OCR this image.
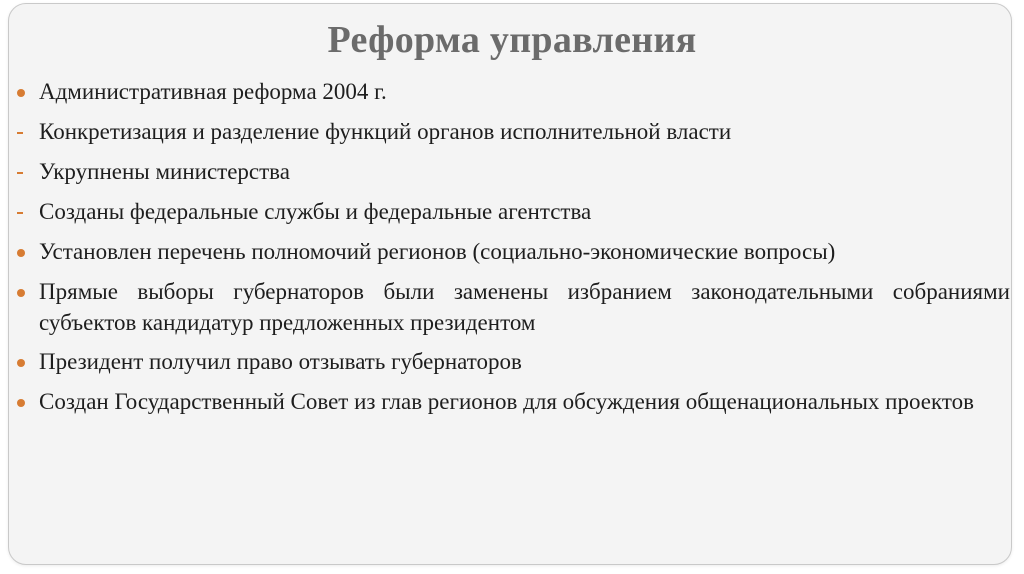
Реформа управления
Административная реформа 2004 г.
Конкретизация и разделение функций органов исполнительной власти
Укрупнены министерства
Созданы федеральные службы и федеральные агентства
Установлен перечень полномочий регионов (социально-экономические вопросы)
Прямые выборы губернаторов были заменены избранием законодательными собраниями субъектов кандидатур предложенных президентом
Президент получил право отзывать губернаторов
Создан Государственный Совет из глав регионов для обсуждения общенациональных проектов
